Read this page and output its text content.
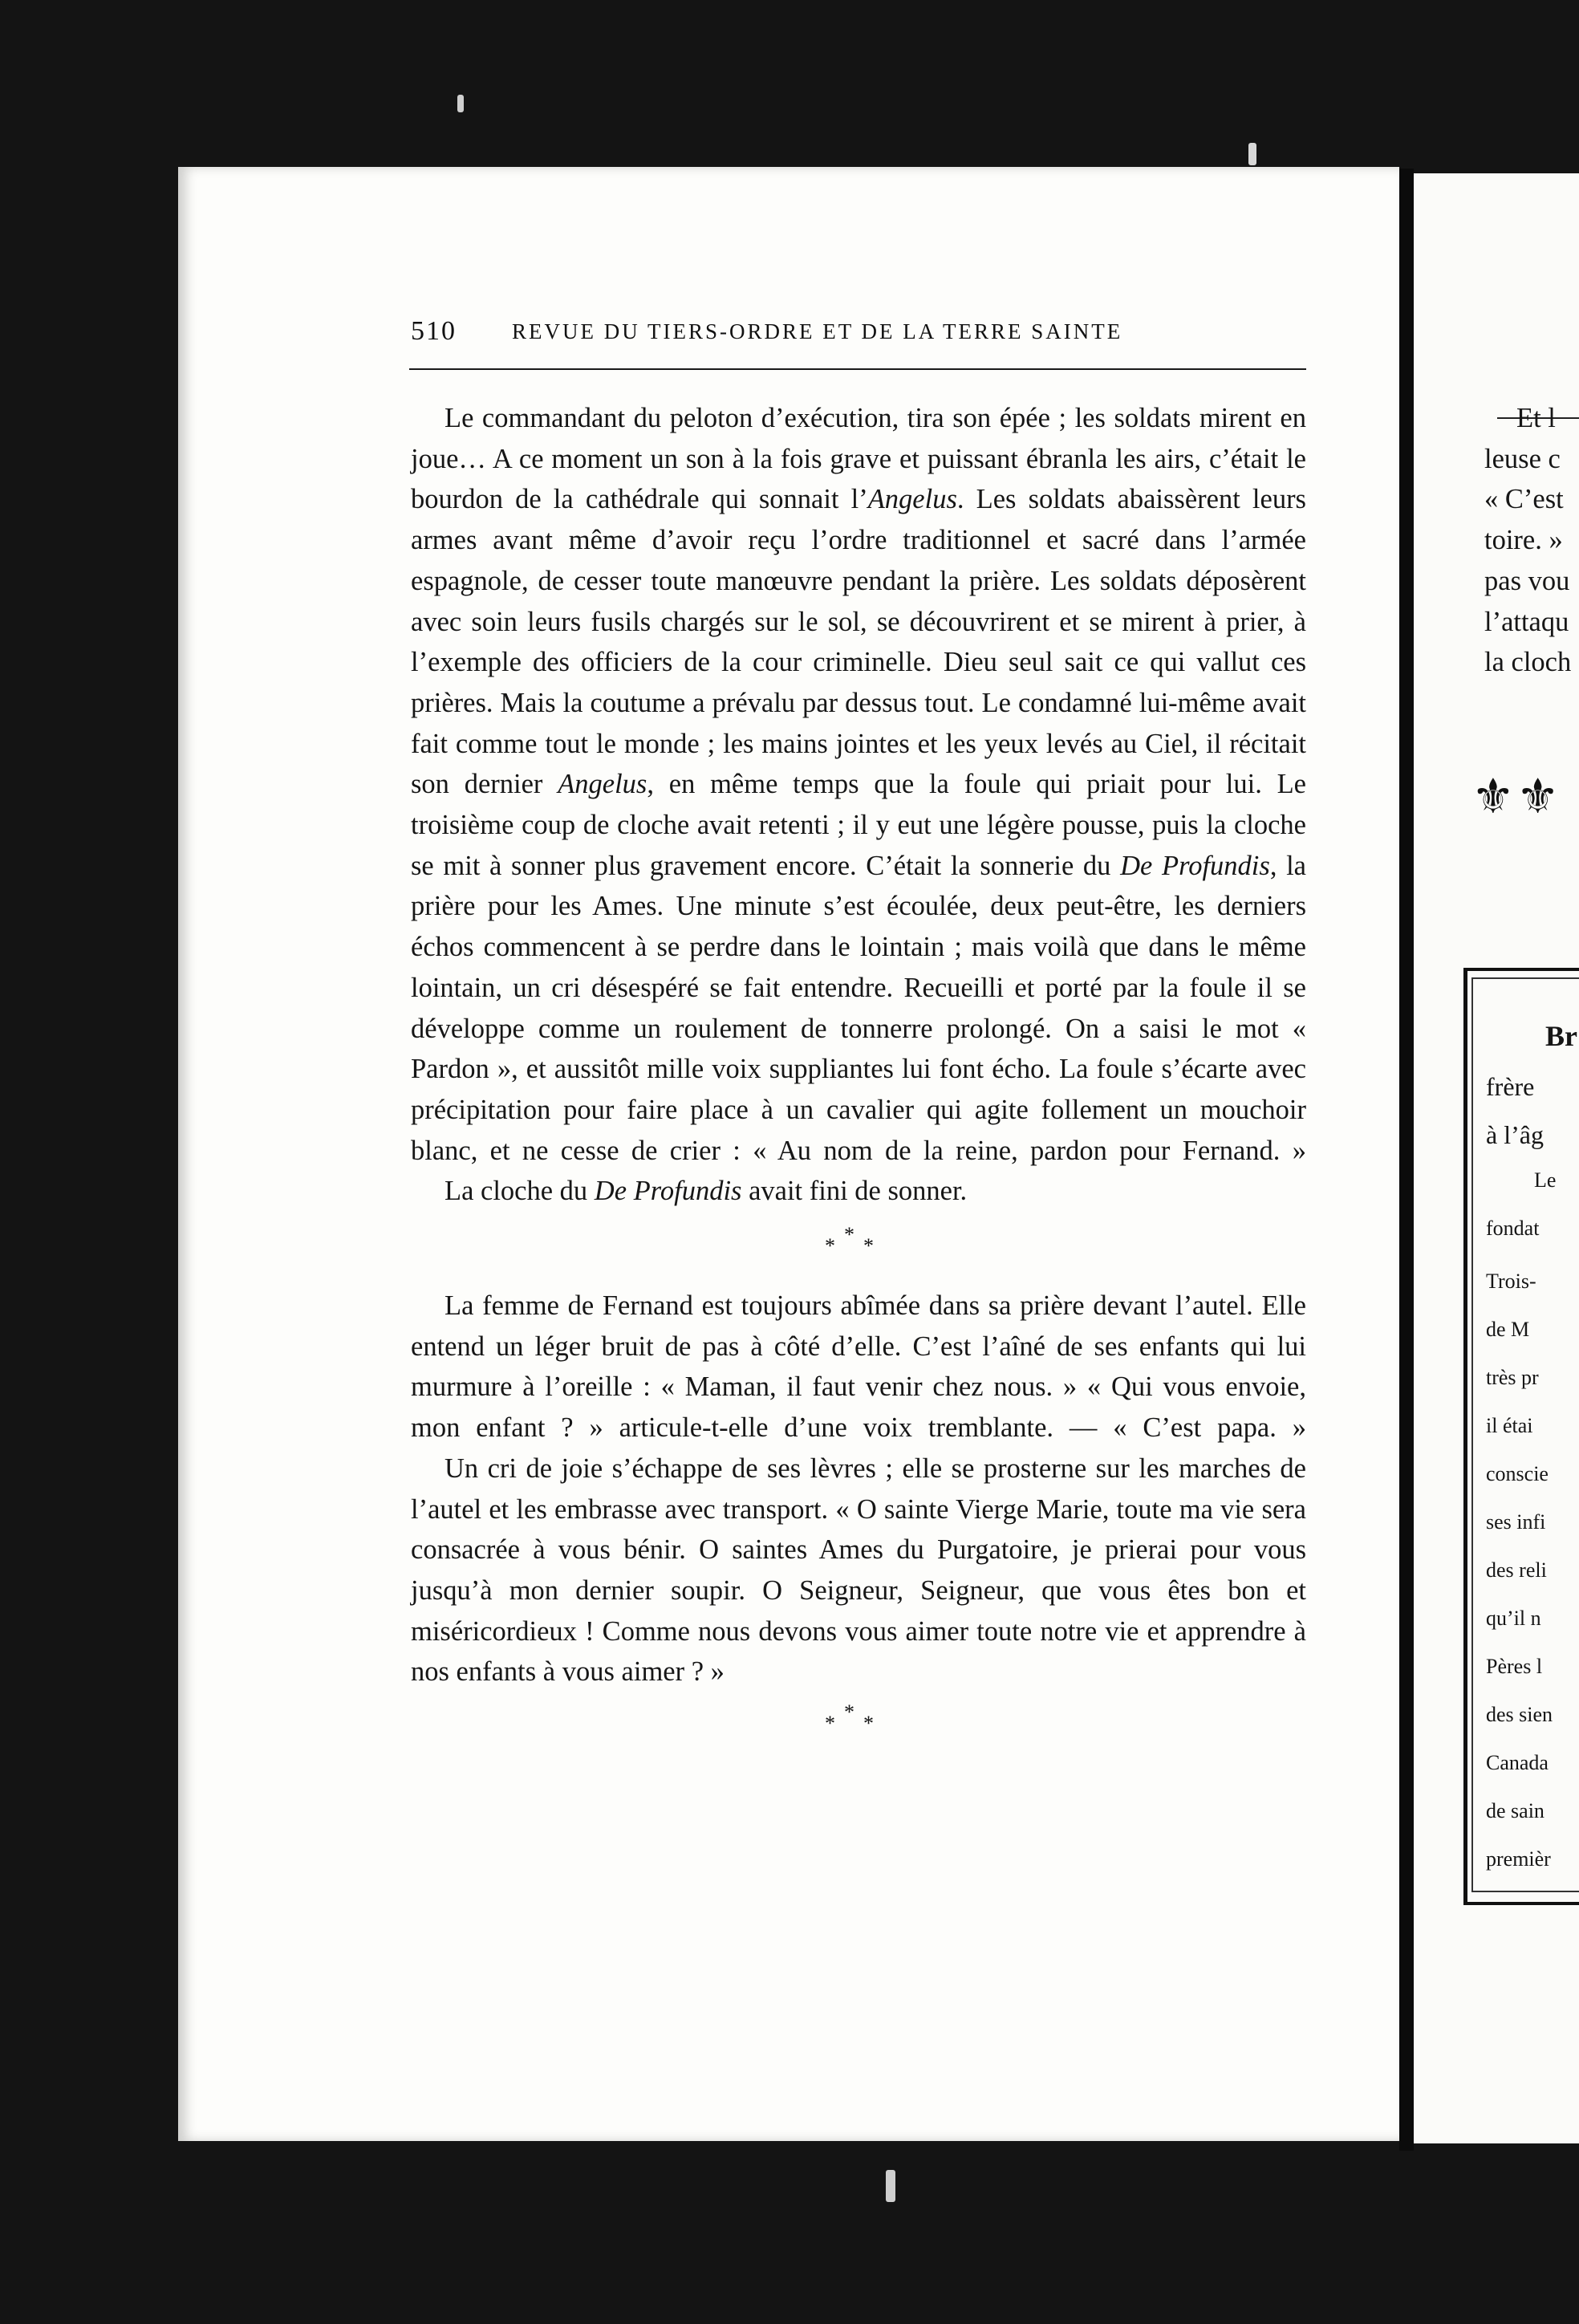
510	REVUE DU TIERS-ORDRE ET DE LA TERRE SAINTE

Le commandant du peloton d’exécution, tira son épée ; les soldats mirent en joue… A ce moment un son à la fois grave et puissant ébranla les airs, c’était le bourdon de la cathédrale qui sonnait l’Angelus. Les soldats abaissèrent leurs armes avant même d’avoir reçu l’ordre traditionnel et sacré dans l’armée espagnole, de cesser toute manœuvre pendant la prière. Les soldats déposèrent avec soin leurs fusils chargés sur le sol, se découvrirent et se mirent à prier, à l’exemple des officiers de la cour criminelle. Dieu seul sait ce qui vallut ces prières. Mais la coutume a prévalu par dessus tout. Le condamné lui-même avait fait comme tout le monde ; les mains jointes et les yeux levés au Ciel, il récitait son dernier Angelus, en même temps que la foule qui priait pour lui. Le troisième coup de cloche avait retenti ; il y eut une légère pousse, puis la cloche se mit à sonner plus gravement encore. C’était la sonnerie du De Profundis, la prière pour les Ames. Une minute s’est écoulée, deux peut-être, les derniers échos commencent à se perdre dans le lointain ; mais voilà que dans le même lointain, un cri désespéré se fait entendre. Recueilli et porté par la foule il se développe comme un roulement de tonnerre prolongé. On a saisi le mot « Pardon », et aussitôt mille voix suppliantes lui font écho. La foule s’écarte avec précipitation pour faire place à un cavalier qui agite follement un mouchoir blanc, et ne cesse de crier : « Au nom de la reine, pardon pour Fernand. »

La cloche du De Profundis avait fini de sonner.

* * *

La femme de Fernand est toujours abîmée dans sa prière devant l’autel. Elle entend un léger bruit de pas à côté d’elle. C’est l’aîné de ses enfants qui lui murmure à l’oreille : « Maman, il faut venir chez nous. » « Qui vous envoie, mon enfant ? » articule-t-elle d’une voix tremblante. — « C’est papa. »

Un cri de joie s’échappe de ses lèvres ; elle se prosterne sur les marches de l’autel et les embrasse avec transport. « O sainte Vierge Marie, toute ma vie sera consacrée à vous bénir. O saintes Ames du Purgatoire, je prierai pour vous jusqu’à mon dernier soupir. O Seigneur, Seigneur, que vous êtes bon et miséricordieux ! Comme nous devons vous aimer toute notre vie et apprendre à nos enfants à vous aimer ? »

* * *
Et l
leuse c
« C’est
toire. »
pas vou
l’attaqu
la cloch
⚜⚜
Br
frère
à l’âg
Le
fondat
Trois-
de M
très pr
il étai
conscie
ses infi
des reli
qu’il n
Pères l
des sien
Canada
de sain
premièr
